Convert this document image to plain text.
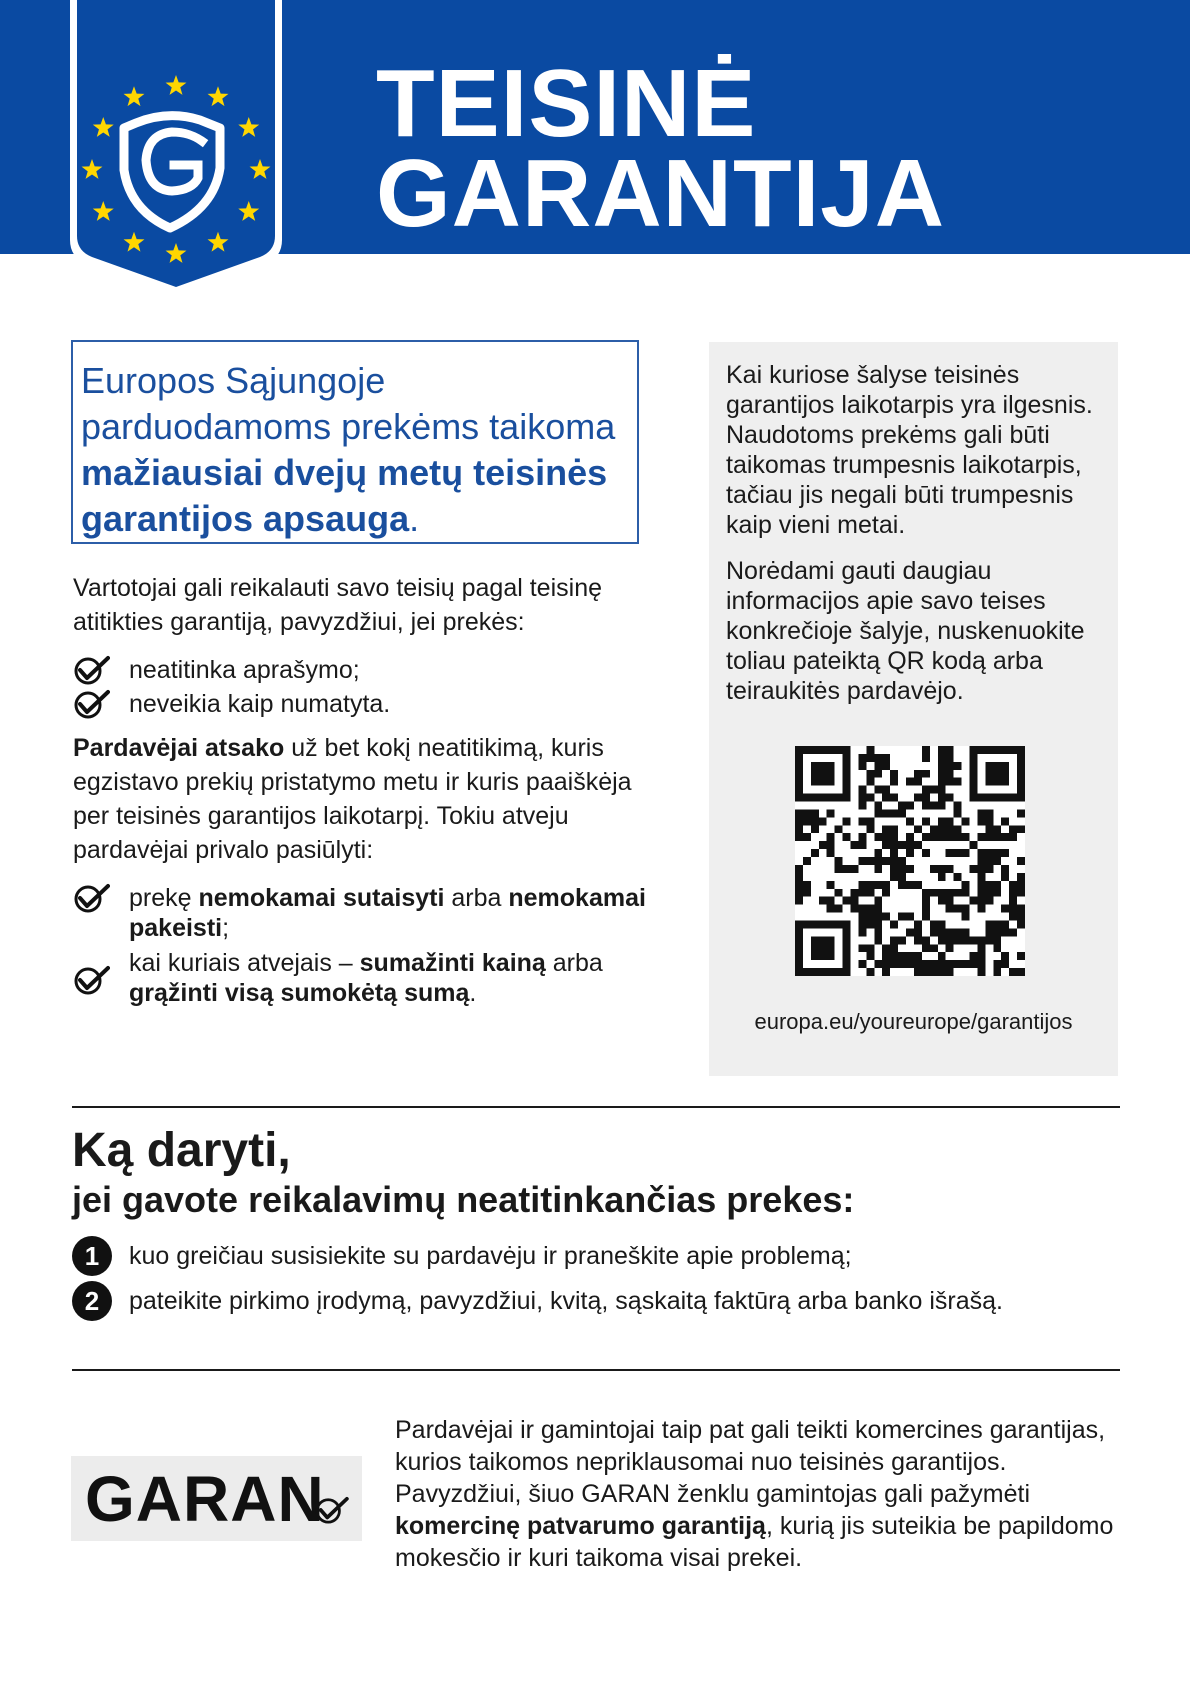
TEISINĖ
GARANTIJA
Europos Sąjungoje parduodamoms prekėms taikoma mažiausiai dvejų metų teisinės garantijos apsauga.
Vartotojai gali reikalauti savo teisių pagal teisinę atitikties garantiją, pavyzdžiui, jei prekės:
neatitinka aprašymo;
neveikia kaip numatyta.
Pardavėjai atsako už bet kokį neatitikimą, kuris egzistavo prekių pristatymo metu ir kuris paaiškėja per teisinės garantijos laikotarpį. Tokiu atveju pardavėjai privalo pasiūlyti:
prekę nemokamai sutaisyti arba nemokamai pakeisti;
kai kuriais atvejais – sumažinti kainą arba grąžinti visą sumokėtą sumą.
Kai kuriose šalyse teisinės garantijos laikotarpis yra ilgesnis. Naudotoms prekėms gali būti taikomas trumpesnis laikotarpis, tačiau jis negali būti trumpesnis kaip vieni metai.
Norėdami gauti daugiau informacijos apie savo teises konkrečioje šalyje, nuskenuokite toliau pateiktą QR kodą arba teiraukitės pardavėjo.
europa.eu/youreurope/garantijos
Ką daryti,
jei gavote reikalavimų neatitinkančias prekes:
1	kuo greičiau susisiekite su pardavėju ir praneškite apie problemą;
2	pateikite pirkimo įrodymą, pavyzdžiui, kvitą, sąskaitą faktūrą arba banko išrašą.
GARAN
Pardavėjai ir gamintojai taip pat gali teikti komercines garantijas, kurios taikomos nepriklausomai nuo teisinės garantijos. Pavyzdžiui, šiuo GARAN ženklu gamintojas gali pažymėti komercinę patvarumo garantiją, kurią jis suteikia be papildomo mokesčio ir kuri taikoma visai prekei.
